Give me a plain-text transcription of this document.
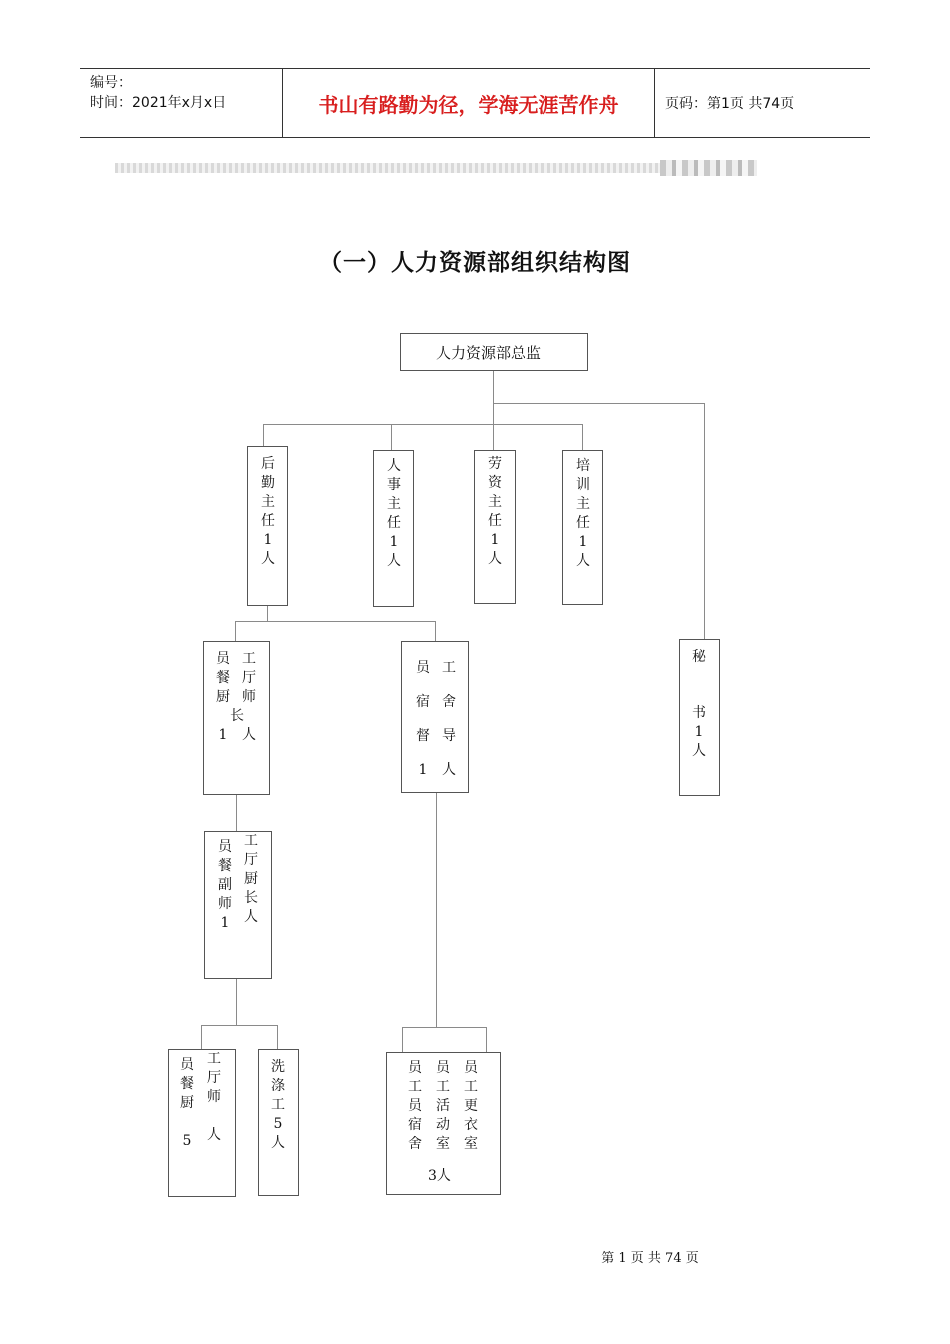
编号：
时间：2021年x月x日	书山有路勤为径，学海无涯苦作舟	页码：第1页 共74页
（一）人力资源部组织结构图
人力资源部总监
后
勤
主
任
1
人
人
事
主
任
1
人
劳
资
主
任
1
人
培
训
主
任
1
人
秘
书
1
人
员
餐
厨

1
工
厅
师

人
长
员

宿

督

1
工

舍

导

人
员
餐
副
师
1
工
厅
厨
长
人
员
餐
厨

5
工
厅
师

人
洗
涤
工
5
人
员
工
员
宿
舍
员
工
活
动
室
员
工
更
衣
室
3人
第 1 页 共 74 页
